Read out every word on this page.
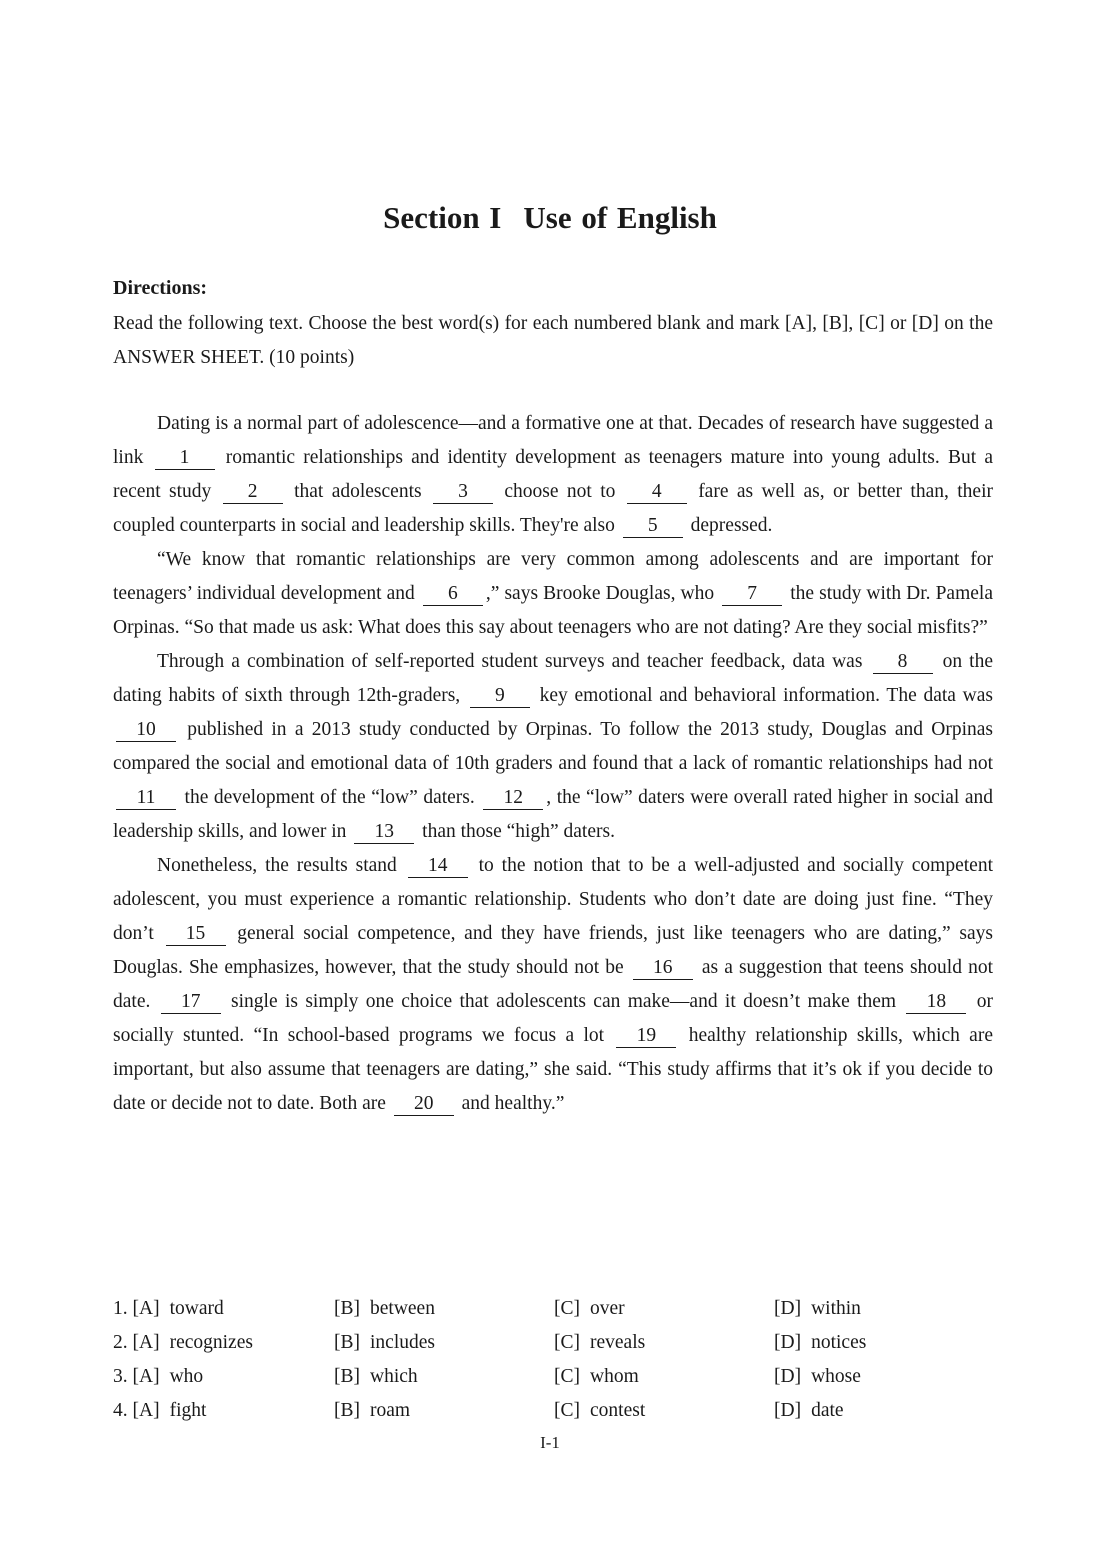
Section I Use of English
Directions:
Read the following text. Choose the best word(s) for each numbered blank and mark [A], [B], [C] or [D] on the ANSWER SHEET. (10 points)

Dating is a normal part of adolescence—and a formative one at that. Decades of research have suggested a link 1 romantic relationships and identity development as teenagers mature into young adults. But a recent study 2 that adolescents 3 choose not to 4 fare as well as, or better than, their coupled counterparts in social and leadership skills. They're also 5 depressed.

“We know that romantic relationships are very common among adolescents and are important for teenagers’ individual development and 6 ,” says Brooke Douglas, who 7 the study with Dr. Pamela Orpinas. “So that made us ask: What does this say about teenagers who are not dating? Are they social misfits?”

Through a combination of self-reported student surveys and teacher feedback, data was 8 on the dating habits of sixth through 12th-graders, 9 key emotional and behavioral information. The data was 10 published in a 2013 study conducted by Orpinas. To follow the 2013 study, Douglas and Orpinas compared the social and emotional data of 10th graders and found that a lack of romantic relationships had not 11 the development of the “low” daters. 12 , the “low” daters were overall rated higher in social and leadership skills, and lower in 13 than those “high” daters.

Nonetheless, the results stand 14 to the notion that to be a well-adjusted and socially competent adolescent, you must experience a romantic relationship. Students who don’t date are doing just fine. “They don’t 15 general social competence, and they have friends, just like teenagers who are dating,” says Douglas. She emphasizes, however, that the study should not be 16 as a suggestion that teens should not date. 17 single is simply one choice that adolescents can make—and it doesn’t make them 18 or socially stunted. “In school-based programs we focus a lot 19 healthy relationship skills, which are important, but also assume that teenagers are dating,” she said. “This study affirms that it’s ok if you decide to date or decide not to date. Both are 20 and healthy.”

1. [A] toward	[B] between	[C] over	[D] within
2. [A] recognizes	[B] includes	[C] reveals	[D] notices
3. [A] who	[B] which	[C] whom	[D] whose
4. [A] fight	[B] roam	[C] contest	[D] date
I-1
